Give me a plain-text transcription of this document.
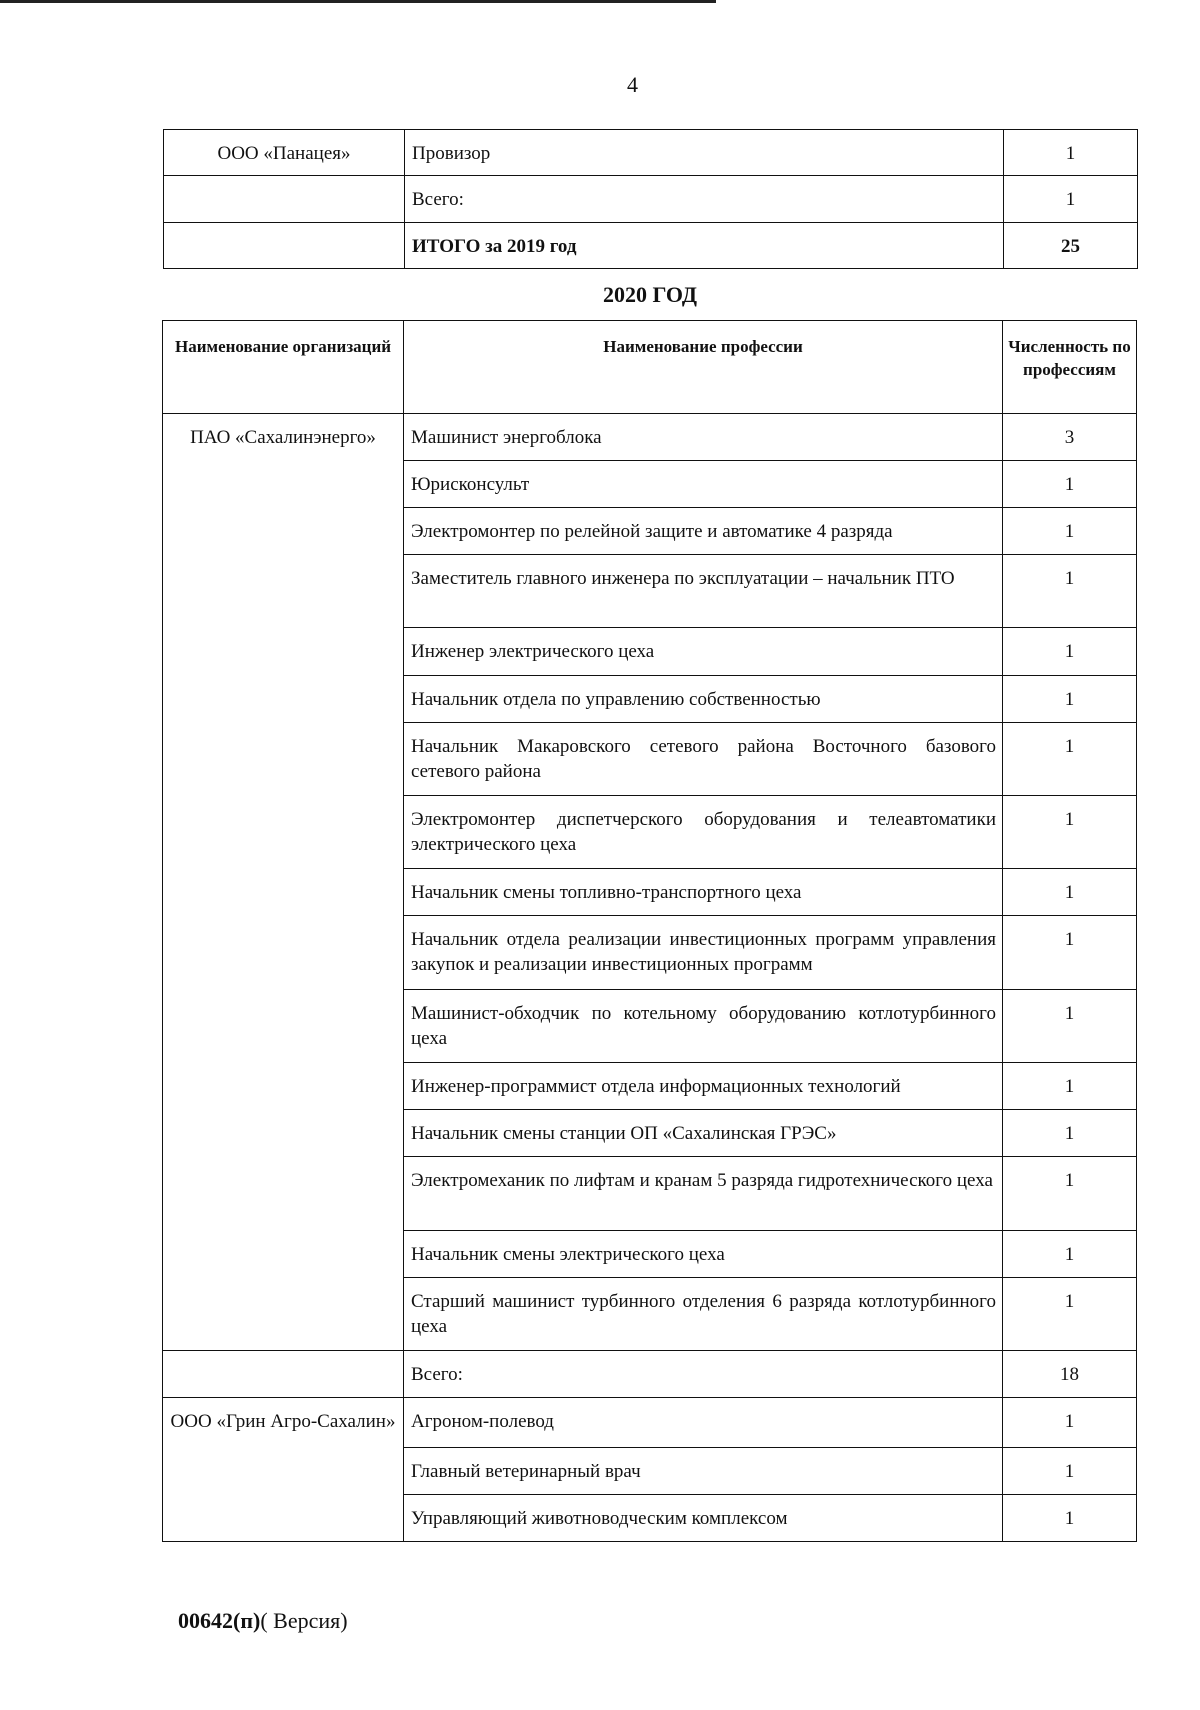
4
ООО «Панацея»	Провизор	1
	Всего:	1
	ИТОГО за 2019 год	25
2020 ГОД
Наименование организаций	Наименование профессии	Численность по профессиям
ПАО «Сахалинэнерго»	Машинист энергоблока	3
	Юрисконсульт	1
	Электромонтер по релейной защите и автоматике 4 разряда	1
	Заместитель главного инженера по эксплуатации – начальник ПТО	1
	Инженер электрического цеха	1
	Начальник отдела по управлению собственностью	1
	Начальник Макаровского сетевого района Восточного базового сетевого района	1
	Электромонтер диспетчерского оборудования и телеавтоматики электрического цеха	1
	Начальник смены топливно-транспортного цеха	1
	Начальник отдела реализации инвестиционных программ управления закупок и реализации инвестиционных программ	1
	Машинист-обходчик по котельному оборудованию котлотурбинного цеха	1
	Инженер-программист отдела информационных технологий	1
	Начальник смены станции ОП «Сахалинская ГРЭС»	1
	Электромеханик по лифтам и кранам 5 разряда гидротехнического цеха	1
	Начальник смены электрического цеха	1
	Старший машинист турбинного отделения 6 разряда котлотурбинного цеха	1
	Всего:	18
ООО «Грин Агро-Сахалин»	Агроном-полевод	1
	Главный ветеринарный врач	1
	Управляющий животноводческим комплексом	1
00642(п)( Версия)
